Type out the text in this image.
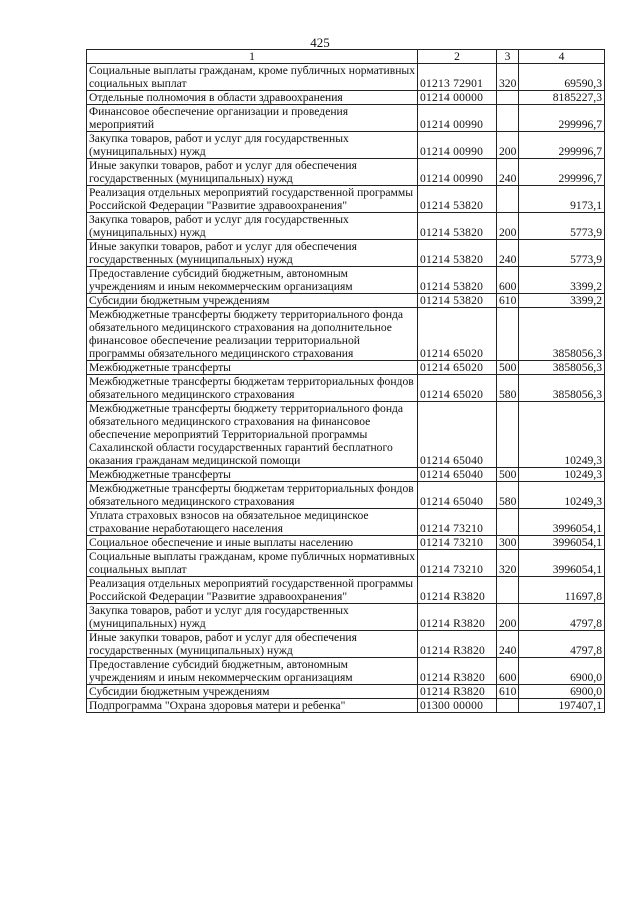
425
1	2	3	4
Социальные выплаты гражданам, кроме публичных нормативных социальных выплат	01213 72901	320	69590,3
Отдельные полномочия в области здравоохранения	01214 00000		8185227,3
Финансовое обеспечение организации и проведения мероприятий	01214 00990		299996,7
Закупка товаров, работ и услуг для государственных (муниципальных) нужд	01214 00990	200	299996,7
Иные закупки товаров, работ и услуг для обеспечения государственных (муниципальных) нужд	01214 00990	240	299996,7
Реализация отдельных мероприятий государственной программы Российской Федерации "Развитие здравоохранения"	01214 53820		9173,1
Закупка товаров, работ и услуг для государственных (муниципальных) нужд	01214 53820	200	5773,9
Иные закупки товаров, работ и услуг для обеспечения государственных (муниципальных) нужд	01214 53820	240	5773,9
Предоставление субсидий бюджетным, автономным учреждениям и иным некоммерческим организациям	01214 53820	600	3399,2
Субсидии бюджетным учреждениям	01214 53820	610	3399,2
Межбюджетные трансферты бюджету территориального фонда обязательного медицинского страхования на дополнительное финансовое обеспечение реализации территориальной программы обязательного медицинского страхования	01214 65020		3858056,3
Межбюджетные трансферты	01214 65020	500	3858056,3
Межбюджетные трансферты бюджетам территориальных фондов обязательного медицинского страхования	01214 65020	580	3858056,3
Межбюджетные трансферты бюджету территориального фонда обязательного медицинского страхования на финансовое обеспечение мероприятий Территориальной программы Сахалинской области государственных гарантий бесплатного оказания гражданам медицинской помощи	01214 65040		10249,3
Межбюджетные трансферты	01214 65040	500	10249,3
Межбюджетные трансферты бюджетам территориальных фондов обязательного медицинского страхования	01214 65040	580	10249,3
Уплата страховых взносов на обязательное медицинское страхование неработающего населения	01214 73210		3996054,1
Социальное обеспечение и иные выплаты населению	01214 73210	300	3996054,1
Социальные выплаты гражданам, кроме публичных нормативных социальных выплат	01214 73210	320	3996054,1
Реализация отдельных мероприятий государственной программы Российской Федерации "Развитие здравоохранения"	01214 R3820		11697,8
Закупка товаров, работ и услуг для государственных (муниципальных) нужд	01214 R3820	200	4797,8
Иные закупки товаров, работ и услуг для обеспечения государственных (муниципальных) нужд	01214 R3820	240	4797,8
Предоставление субсидий бюджетным, автономным учреждениям и иным некоммерческим организациям	01214 R3820	600	6900,0
Субсидии бюджетным учреждениям	01214 R3820	610	6900,0
Подпрограмма "Охрана здоровья матери и ребенка"	01300 00000		197407,1
